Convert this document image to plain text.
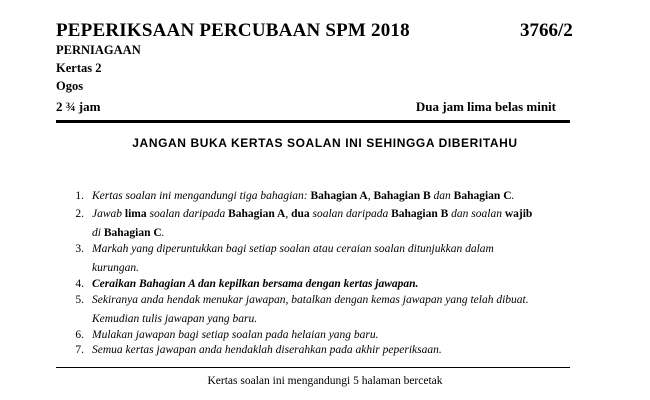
PEPERIKSAAN PERCUBAAN SPM 2018	3766/2
PERNIAGAAN
Kertas 2
Ogos
2 ¾ jam	Dua jam lima belas minit
JANGAN BUKA KERTAS SOALAN INI SEHINGGA DIBERITAHU
1. Kertas soalan ini mengandungi tiga bahagian: Bahagian A, Bahagian B dan Bahagian C.
2. Jawab lima soalan daripada Bahagian A, dua soalan daripada Bahagian B dan soalan wajib
di Bahagian C.
3. Markah yang diperuntukkan bagi setiap soalan atau ceraian soalan ditunjukkan dalam
kurungan.
4. Ceraikan Bahagian A dan kepilkan bersama dengan kertas jawapan.
5. Sekiranya anda hendak menukar jawapan, batalkan dengan kemas jawapan yang telah dibuat.
Kemudian tulis jawapan yang baru.
6. Mulakan jawapan bagi setiap soalan pada helaian yang baru.
7. Semua kertas jawapan anda hendaklah diserahkan pada akhir peperiksaan.
Kertas soalan ini mengandungi 5 halaman bercetak
